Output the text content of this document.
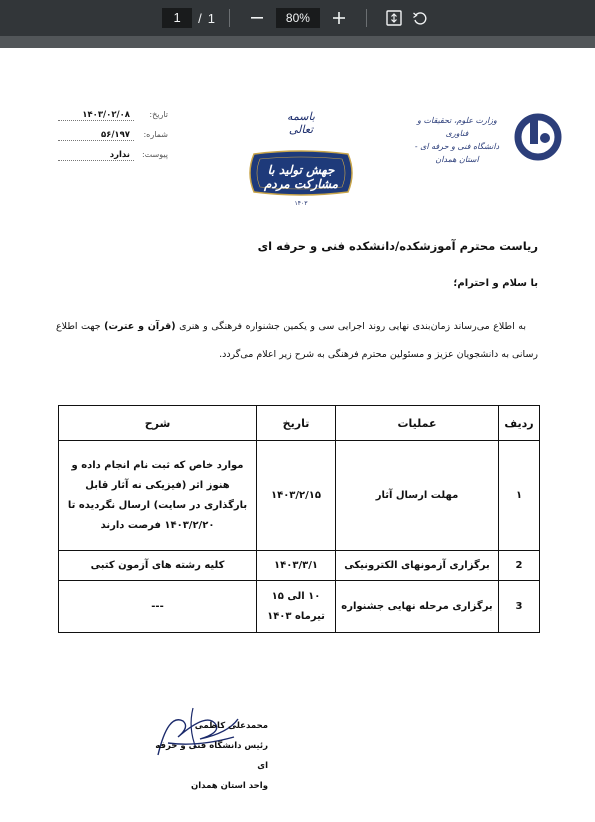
1	/ 1	80%
وزارت علوم، تحقیقات و فناوری
دانشگاه فنی و حرفه ای - استان همدان
باسمه تعالی
جهش تولید با مشارکت مردم
۱۴۰۳
تاریخ:
۱۴۰۳/۰۲/۰۸
شماره:
۵۶/۱۹۷
پیوست:
ندارد
ریاست محترم آموزشکده/دانشکده فنی و حرفه ای
با سلام و احترام؛
به اطلاع می‌رساند زمان‌بندی نهایی روند اجرایی سی و یکمین جشنواره فرهنگی و هنری (قرآن و عترت) جهت اطلاع رسانی به دانشجویان عزیز و مسئولین محترم فرهنگی به شرح زیر اعلام می‌گردد.
ردیف	عملیات	تاریخ	شرح
۱	مهلت ارسال آثار	۱۴۰۳/۲/۱۵	موارد خاص که ثبت نام انجام داده و هنوز اثر (فیزیکی نه آثار قابل بارگذاری در سایت) ارسال نگردیده تا ۱۴۰۳/۲/۲۰ فرصت دارند
2	برگزاری آزمونهای الکترونیکی	۱۴۰۳/۳/۱	کلیه رشته های آزمون کتبی
3	برگزاری مرحله نهایی جشنواره	۱۰ الی ۱۵ تیرماه ۱۴۰۳	---
محمدعلی کاظمی
رئیس دانشگاه فنی و حرفه ای
واحد استان همدان
